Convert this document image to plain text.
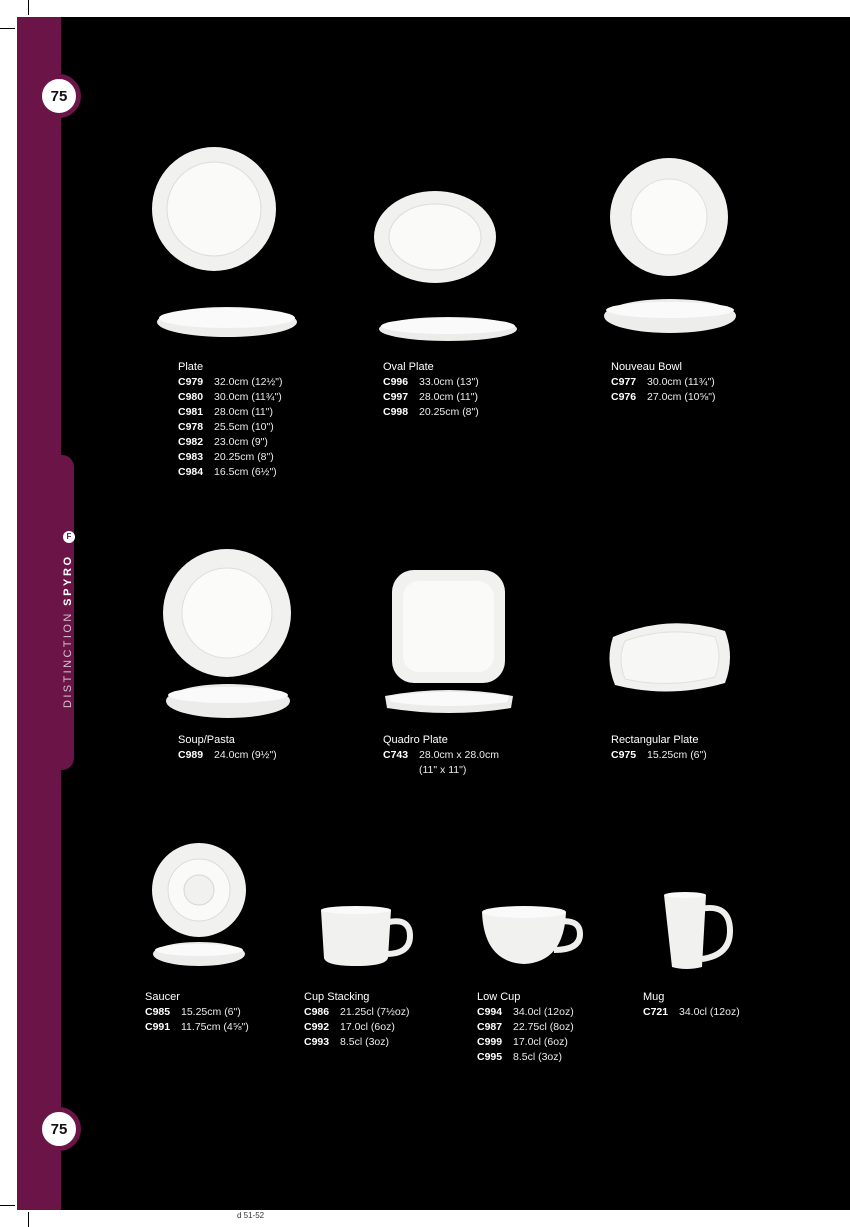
75
75
DISTINCTION SPYRO F
Plate
C979 32.0cm (12½")
C980 30.0cm (11¾")
C981 28.0cm (11")
C978 25.5cm (10")
C982 23.0cm (9")
C983 20.25cm (8")
C984 16.5cm (6½")
Oval Plate
C996 33.0cm (13")
C997 28.0cm (11")
C998 20.25cm (8")
Nouveau Bowl
C977 30.0cm (11¾")
C976 27.0cm (10⅝")
Soup/Pasta
C989 24.0cm (9½")
Quadro Plate
C743 28.0cm x 28.0cm
(11" x 11")
Rectangular Plate
C975 15.25cm (6")
Saucer
C985 15.25cm (6")
C991 11.75cm (4⅝")
Cup Stacking
C986 21.25cl (7½oz)
C992 17.0cl (6oz)
C993 8.5cl (3oz)
Low Cup
C994 34.0cl (12oz)
C987 22.75cl (8oz)
C999 17.0cl (6oz)
C995 8.5cl (3oz)
Mug
C721 34.0cl (12oz)
d 51-52
